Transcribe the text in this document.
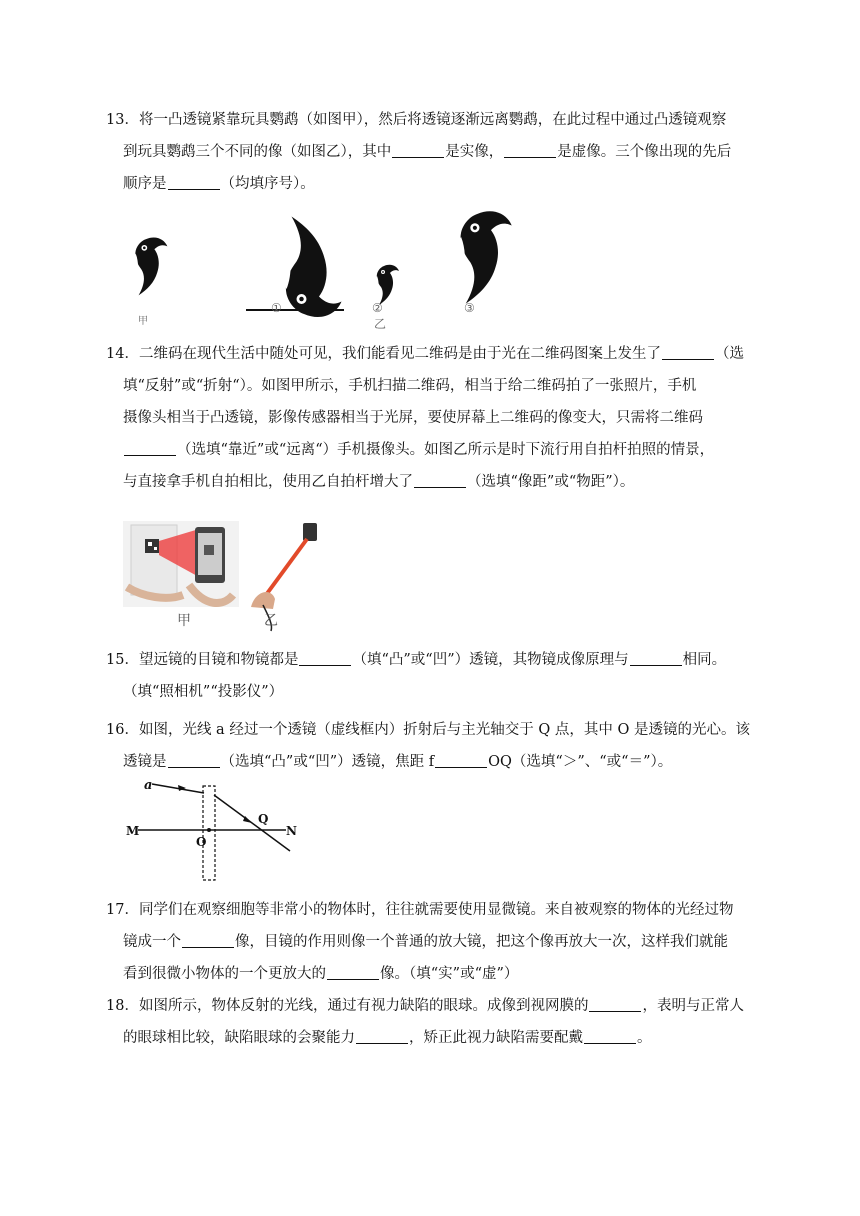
13．将一凸透镜紧靠玩具鹦鹉（如图甲），然后将透镜逐渐远离鹦鹉，在此过程中通过凸透镜观察
到玩具鹦鹉三个不同的像（如图乙），其中	是实像，	是虚像。三个像出现的先后
顺序是	（均填序号）。
甲
①	②	③
乙
14．二维码在现代生活中随处可见，我们能看见二维码是由于光在二维码图案上发生了	（选
填“反射”或“折射“）。如图甲所示，手机扫描二维码，相当于给二维码拍了一张照片，手机
摄像头相当于凸透镜，影像传感器相当于光屏，要使屏幕上二维码的像变大，只需将二维码
（选填“靠近”或“远离“）手机摄像头。如图乙所示是时下流行用自拍杆拍照的情景，
与直接拿手机自拍相比，使用乙自拍杆增大了	（选填“像距”或“物距”）。
甲	乙
15．望远镜的目镜和物镜都是	（填“凸”或“凹”）透镜，其物镜成像原理与	相同。
（填“照相机”“投影仪”）
16．如图，光线 a 经过一个透镜（虚线框内）折射后与主光轴交于 Q 点，其中 O 是透镜的光心。该
透镜是	（选填“凸”或“凹”）透镜，焦距 f	OQ（选填“＞”、“或“＝”）。
a
M
O
Q
N
17．同学们在观察细胞等非常小的物体时，往往就需要使用显微镜。来自被观察的物体的光经过物
镜成一个	像，目镜的作用则像一个普通的放大镜，把这个像再放大一次，这样我们就能
看到很微小物体的一个更放大的	像。（填“实”或“虚”）
18．如图所示，物体反射的光线，通过有视力缺陷的眼球。成像到视网膜的	，表明与正常人
的眼球相比较，缺陷眼球的会聚能力	，矫正此视力缺陷需要配戴	。
